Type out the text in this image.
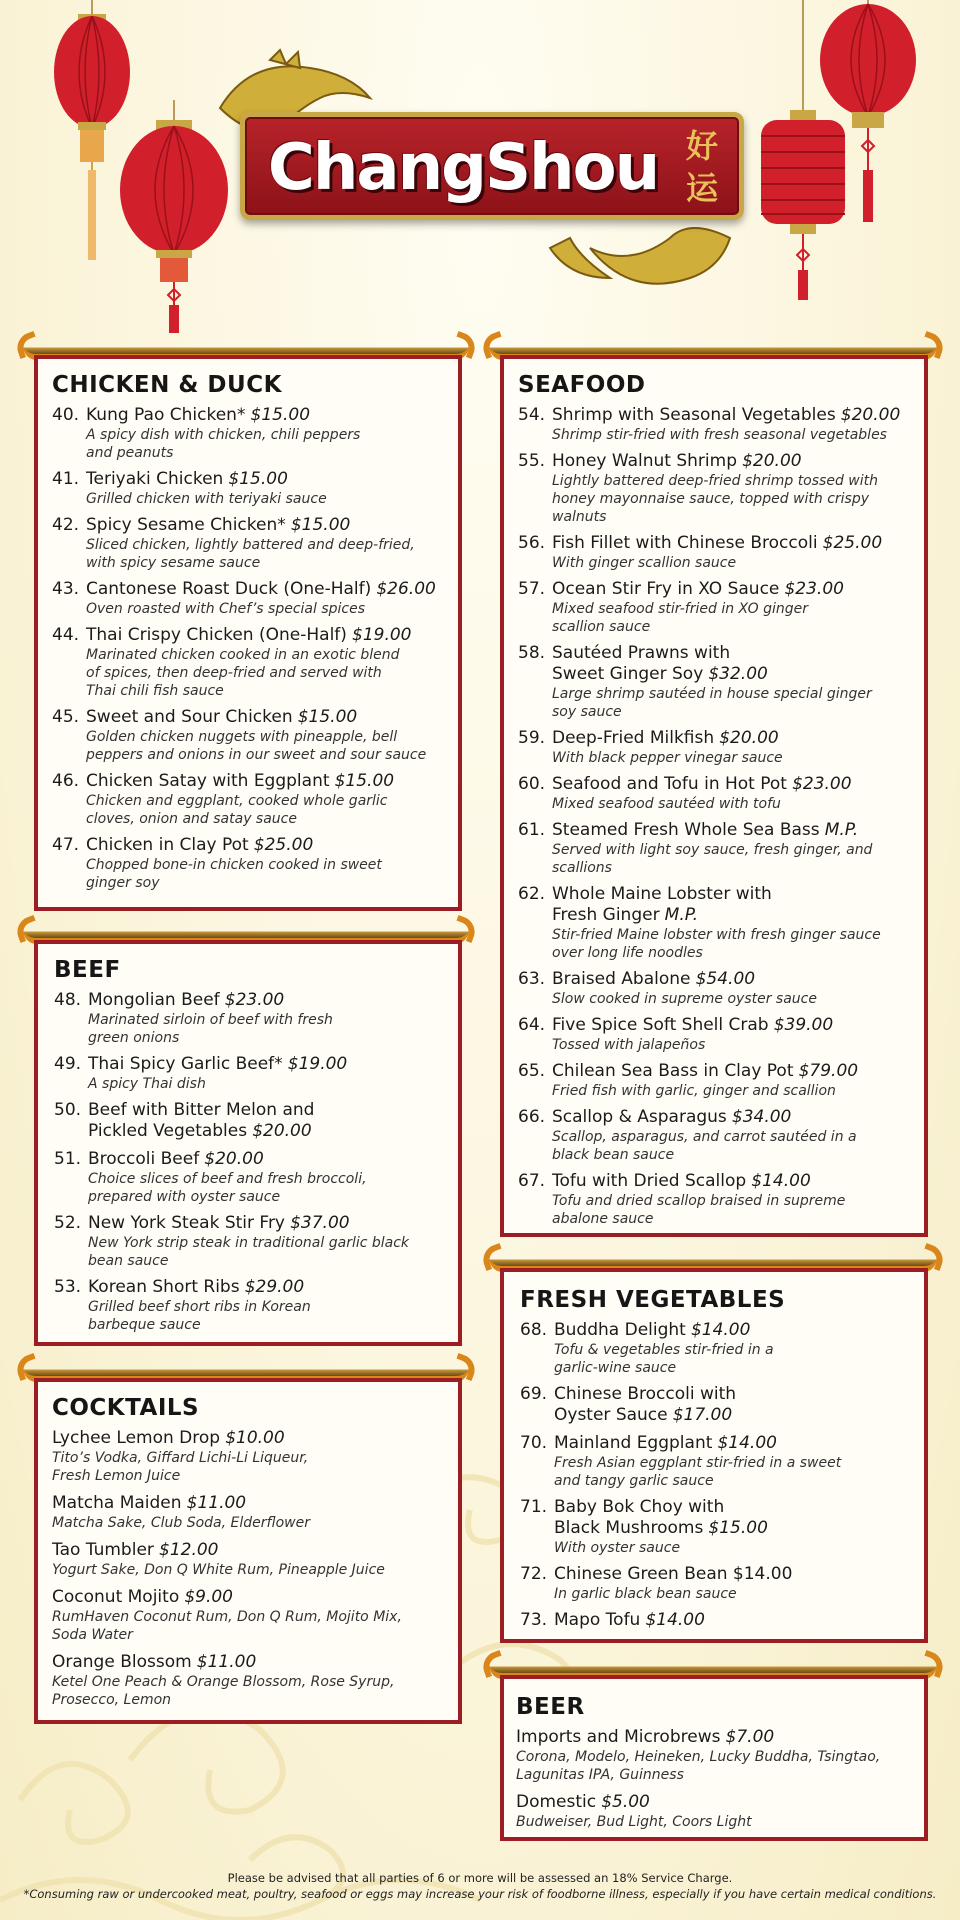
ChangShou 好运
CHICKEN & DUCK
40. Kung Pao Chicken* $15.00
A spicy dish with chicken, chili peppers
and peanuts
41. Teriyaki Chicken $15.00
Grilled chicken with teriyaki sauce
42. Spicy Sesame Chicken* $15.00
Sliced chicken, lightly battered and deep-fried,
with spicy sesame sauce
43. Cantonese Roast Duck (One-Half) $26.00
Oven roasted with Chef’s special spices
44. Thai Crispy Chicken (One-Half) $19.00
Marinated chicken cooked in an exotic blend
of spices, then deep-fried and served with
Thai chili fish sauce
45. Sweet and Sour Chicken $15.00
Golden chicken nuggets with pineapple, bell
peppers and onions in our sweet and sour sauce
46. Chicken Satay with Eggplant $15.00
Chicken and eggplant, cooked whole garlic
cloves, onion and satay sauce
47. Chicken in Clay Pot $25.00
Chopped bone-in chicken cooked in sweet
ginger soy
BEEF
48. Mongolian Beef $23.00
Marinated sirloin of beef with fresh
green onions
49. Thai Spicy Garlic Beef* $19.00
A spicy Thai dish
50. Beef with Bitter Melon and
Pickled Vegetables $20.00
51. Broccoli Beef $20.00
Choice slices of beef and fresh broccoli,
prepared with oyster sauce
52. New York Steak Stir Fry $37.00
New York strip steak in traditional garlic black
bean sauce
53. Korean Short Ribs $29.00
Grilled beef short ribs in Korean
barbeque sauce
COCKTAILS
Lychee Lemon Drop $10.00
Tito’s Vodka, Giffard Lichi-Li Liqueur,
Fresh Lemon Juice
Matcha Maiden $11.00
Matcha Sake, Club Soda, Elderflower
Tao Tumbler $12.00
Yogurt Sake, Don Q White Rum, Pineapple Juice
Coconut Mojito $9.00
RumHaven Coconut Rum, Don Q Rum, Mojito Mix,
Soda Water
Orange Blossom $11.00
Ketel One Peach & Orange Blossom, Rose Syrup,
Prosecco, Lemon
SEAFOOD
54. Shrimp with Seasonal Vegetables $20.00
Shrimp stir-fried with fresh seasonal vegetables
55. Honey Walnut Shrimp $20.00
Lightly battered deep-fried shrimp tossed with
honey mayonnaise sauce, topped with crispy
walnuts
56. Fish Fillet with Chinese Broccoli $25.00
With ginger scallion sauce
57. Ocean Stir Fry in XO Sauce $23.00
Mixed seafood stir-fried in XO ginger
scallion sauce
58. Sautéed Prawns with
Sweet Ginger Soy $32.00
Large shrimp sautéed in house special ginger
soy sauce
59. Deep-Fried Milkfish $20.00
With black pepper vinegar sauce
60. Seafood and Tofu in Hot Pot $23.00
Mixed seafood sautéed with tofu
61. Steamed Fresh Whole Sea Bass M.P.
Served with light soy sauce, fresh ginger, and
scallions
62. Whole Maine Lobster with
Fresh Ginger M.P.
Stir-fried Maine lobster with fresh ginger sauce
over long life noodles
63. Braised Abalone $54.00
Slow cooked in supreme oyster sauce
64. Five Spice Soft Shell Crab $39.00
Tossed with jalapeños
65. Chilean Sea Bass in Clay Pot $79.00
Fried fish with garlic, ginger and scallion
66. Scallop & Asparagus $34.00
Scallop, asparagus, and carrot sautéed in a
black bean sauce
67. Tofu with Dried Scallop $14.00
Tofu and dried scallop braised in supreme
abalone sauce
FRESH VEGETABLES
68. Buddha Delight $14.00
Tofu & vegetables stir-fried in a
garlic-wine sauce
69. Chinese Broccoli with
Oyster Sauce $17.00
70. Mainland Eggplant $14.00
Fresh Asian eggplant stir-fried in a sweet
and tangy garlic sauce
71. Baby Bok Choy with
Black Mushrooms $15.00
With oyster sauce
72. Chinese Green Bean $14.00
In garlic black bean sauce
73. Mapo Tofu $14.00
BEER
Imports and Microbrews $7.00
Corona, Modelo, Heineken, Lucky Buddha, Tsingtao,
Lagunitas IPA, Guinness
Domestic $5.00
Budweiser, Bud Light, Coors Light
Please be advised that all parties of 6 or more will be assessed an 18% Service Charge.
*Consuming raw or undercooked meat, poultry, seafood or eggs may increase your risk of foodborne illness, especially if you have certain medical conditions.
